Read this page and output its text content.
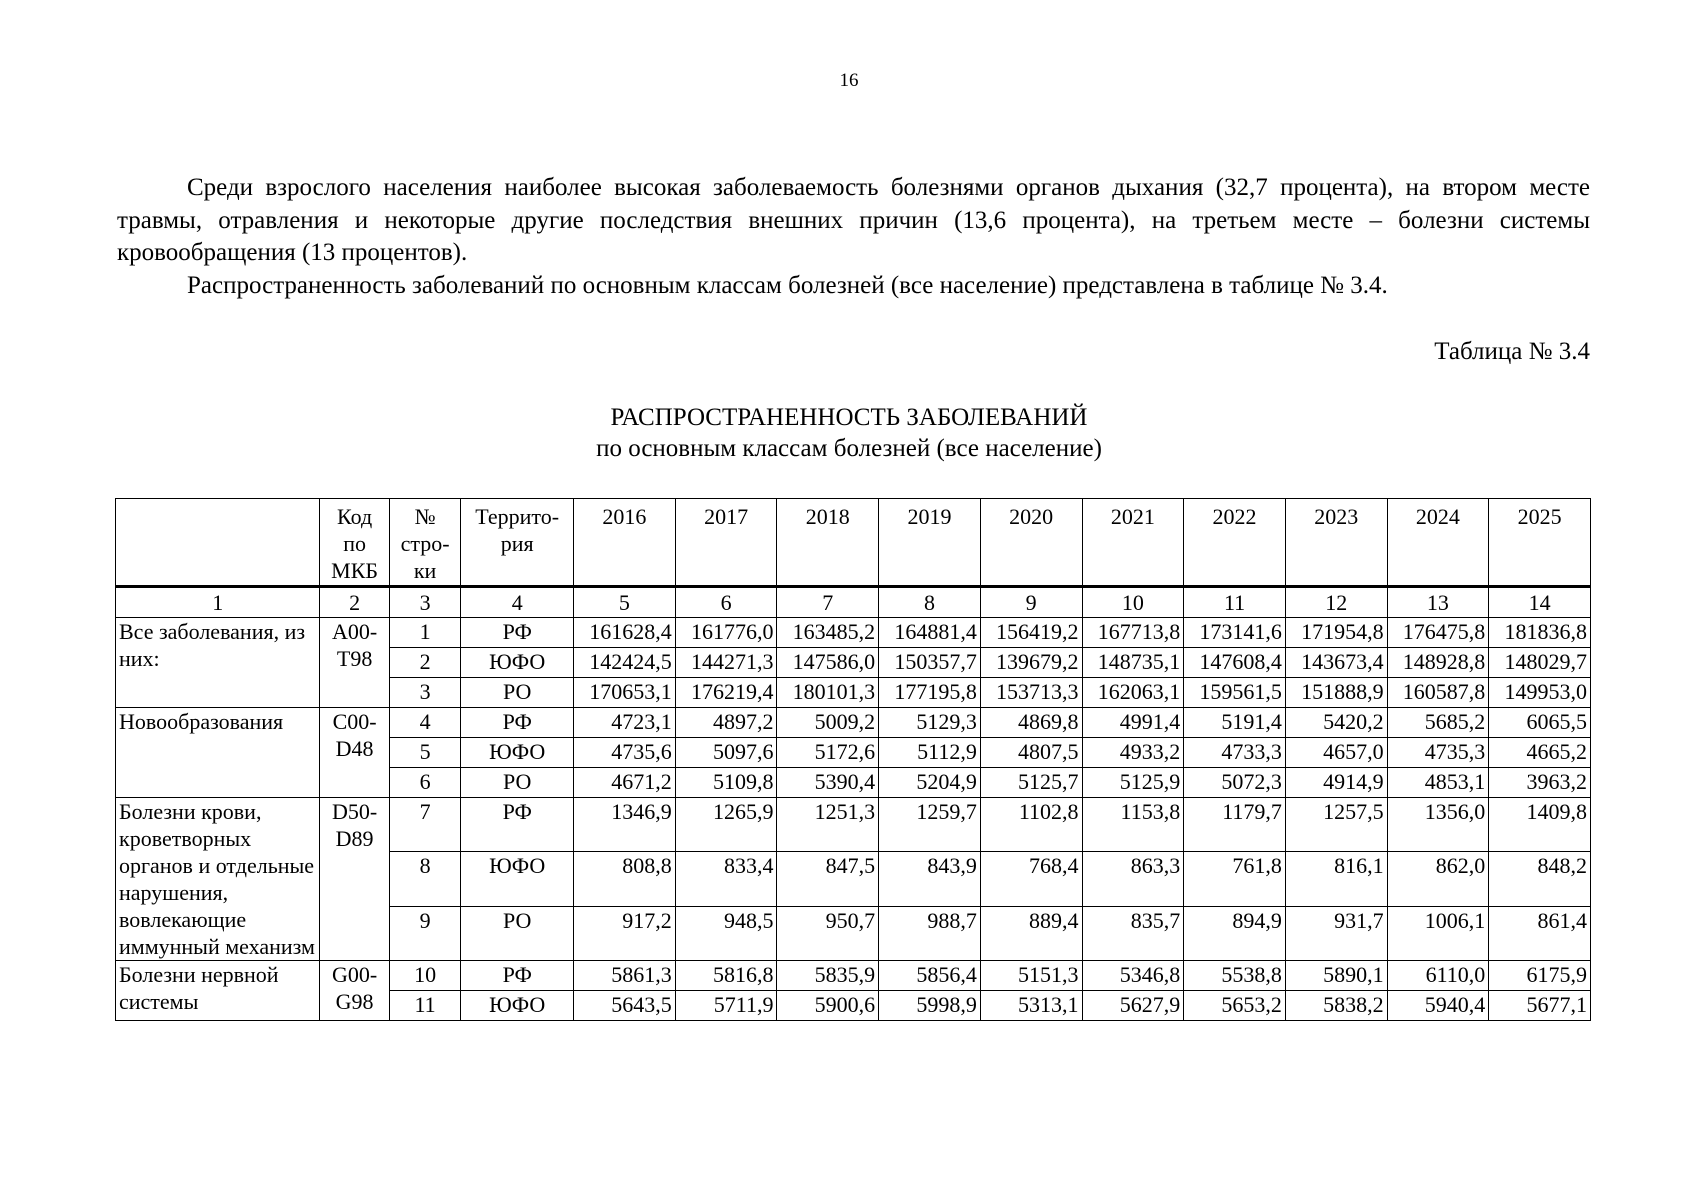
16

Среди взрослого населения наиболее высокая заболеваемость болезнями органов дыхания (32,7 процента), на втором месте травмы, отравления и некоторые другие последствия внешних причин (13,6 процента), на третьем месте – болезни системы кровообращения (13 процентов).

Распространенность заболеваний по основным классам болезней (все население) представлена в таблице № 3.4.

Таблица № 3.4
РАСПРОСТРАНЕННОСТЬ ЗАБОЛЕВАНИЙ
по основным классам болезней (все население)
	Код по МКБ	№ стро- ки	Террито- рия	2016	2017	2018	2019	2020	2021	2022	2023	2024	2025
1	2	3	4	5	6	7	8	9	10	11	12	13	14
Все заболевания, из них:	A00- T98	1	РФ	161628,4	161776,0	163485,2	164881,4	156419,2	167713,8	173141,6	171954,8	176475,8	181836,8
		2	ЮФО	142424,5	144271,3	147586,0	150357,7	139679,2	148735,1	147608,4	143673,4	148928,8	148029,7
		3	РО	170653,1	176219,4	180101,3	177195,8	153713,3	162063,1	159561,5	151888,9	160587,8	149953,0
Новообразования	C00- D48	4	РФ	4723,1	4897,2	5009,2	5129,3	4869,8	4991,4	5191,4	5420,2	5685,2	6065,5
		5	ЮФО	4735,6	5097,6	5172,6	5112,9	4807,5	4933,2	4733,3	4657,0	4735,3	4665,2
		6	РО	4671,2	5109,8	5390,4	5204,9	5125,7	5125,9	5072,3	4914,9	4853,1	3963,2
Болезни крови, кроветворных органов и отдельные нарушения, вовлекающие иммунный механизм	D50- D89	7	РФ	1346,9	1265,9	1251,3	1259,7	1102,8	1153,8	1179,7	1257,5	1356,0	1409,8
		8	ЮФО	808,8	833,4	847,5	843,9	768,4	863,3	761,8	816,1	862,0	848,2
		9	РО	917,2	948,5	950,7	988,7	889,4	835,7	894,9	931,7	1006,1	861,4
Болезни нервной системы	G00- G98	10	РФ	5861,3	5816,8	5835,9	5856,4	5151,3	5346,8	5538,8	5890,1	6110,0	6175,9
		11	ЮФО	5643,5	5711,9	5900,6	5998,9	5313,1	5627,9	5653,2	5838,2	5940,4	5677,1
